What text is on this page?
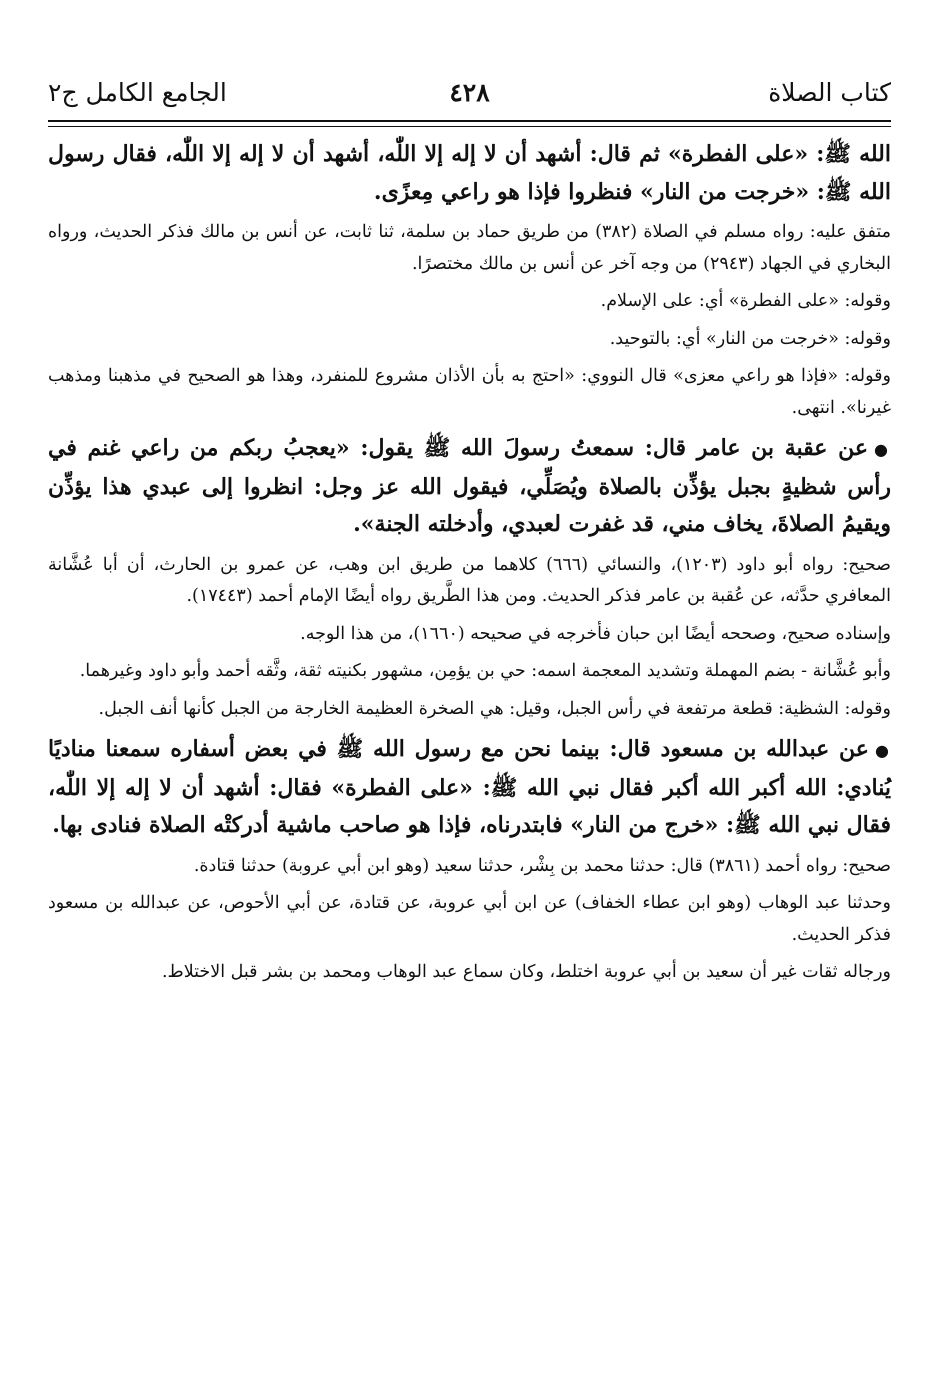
كتاب الصلاة
٤٢٨
الجامع الكامل ج٢

الله ﷺ: «على الفطرة» ثم قال: أشهد أن لا إله إلا اللّٰه، أشهد أن لا إله إلا اللّٰه، فقال رسول الله ﷺ: «خرجت من النار» فنظروا فإذا هو راعي مِعزًى.

متفق عليه: رواه مسلم في الصلاة (٣٨٢) من طريق حماد بن سلمة، ثنا ثابت، عن أنس بن مالك فذكر الحديث، ورواه البخاري في الجهاد (٢٩٤٣) من وجه آخر عن أنس بن مالك مختصرًا.

وقوله: «على الفطرة» أي: على الإسلام.

وقوله: «خرجت من النار» أي: بالتوحيد.

وقوله: «فإذا هو راعي معزى» قال النووي: «احتج به بأن الأذان مشروع للمنفرد، وهذا هو الصحيح في مذهبنا ومذهب غيرنا». انتهى.

●عن عقبة بن عامر قال: سمعتُ رسولَ الله ﷺ يقول: «يعجبُ ربكم من راعي غنم في رأس شظيةٍ بجبل يؤذِّن بالصلاة ويُصَلِّي، فيقول الله عز وجل: انظروا إلى عبدي هذا يؤذِّن ويقيمُ الصلاةَ، يخاف مني، قد غفرت لعبدي، وأدخلته الجنة».

صحيح: رواه أبو داود (١٢٠٣)، والنسائي (٦٦٦) كلاهما من طريق ابن وهب، عن عمرو بن الحارث، أن أبا عُشَّانة المعافري حدَّثه، عن عُقبة بن عامر فذكر الحديث. ومن هذا الطَّريق رواه أيضًا الإمام أحمد (١٧٤٤٣).

وإسناده صحيح، وصححه أيضًا ابن حبان فأخرجه في صحيحه (١٦٦٠)، من هذا الوجه.

وأبو عُشَّانة - بضم المهملة وتشديد المعجمة اسمه: حي بن يؤمِن، مشهور بكنيته ثقة، وثَّقه أحمد وأبو داود وغيرهما.

وقوله: الشظية: قطعة مرتفعة في رأس الجبل، وقيل: هي الصخرة العظيمة الخارجة من الجبل كأنها أنف الجبل.

●عن عبدالله بن مسعود قال: بينما نحن مع رسول الله ﷺ في بعض أسفاره سمعنا مناديًا يُنادي: الله أكبر الله أكبر فقال نبي الله ﷺ: «على الفطرة» فقال: أشهد أن لا إله إلا اللّٰه، فقال نبي الله ﷺ: «خرج من النار» فابتدرناه، فإذا هو صاحب ماشية أدركتْه الصلاة فنادى بها.

صحيح: رواه أحمد (٣٨٦١) قال: حدثنا محمد بن بِشْر، حدثنا سعيد (وهو ابن أبي عروبة) حدثنا قتادة.

وحدثنا عبد الوهاب (وهو ابن عطاء الخفاف) عن ابن أبي عروبة، عن قتادة، عن أبي الأحوص، عن عبدالله بن مسعود فذكر الحديث.

ورجاله ثقات غير أن سعيد بن أبي عروبة اختلط، وكان سماع عبد الوهاب ومحمد بن بشر قبل الاختلاط.
